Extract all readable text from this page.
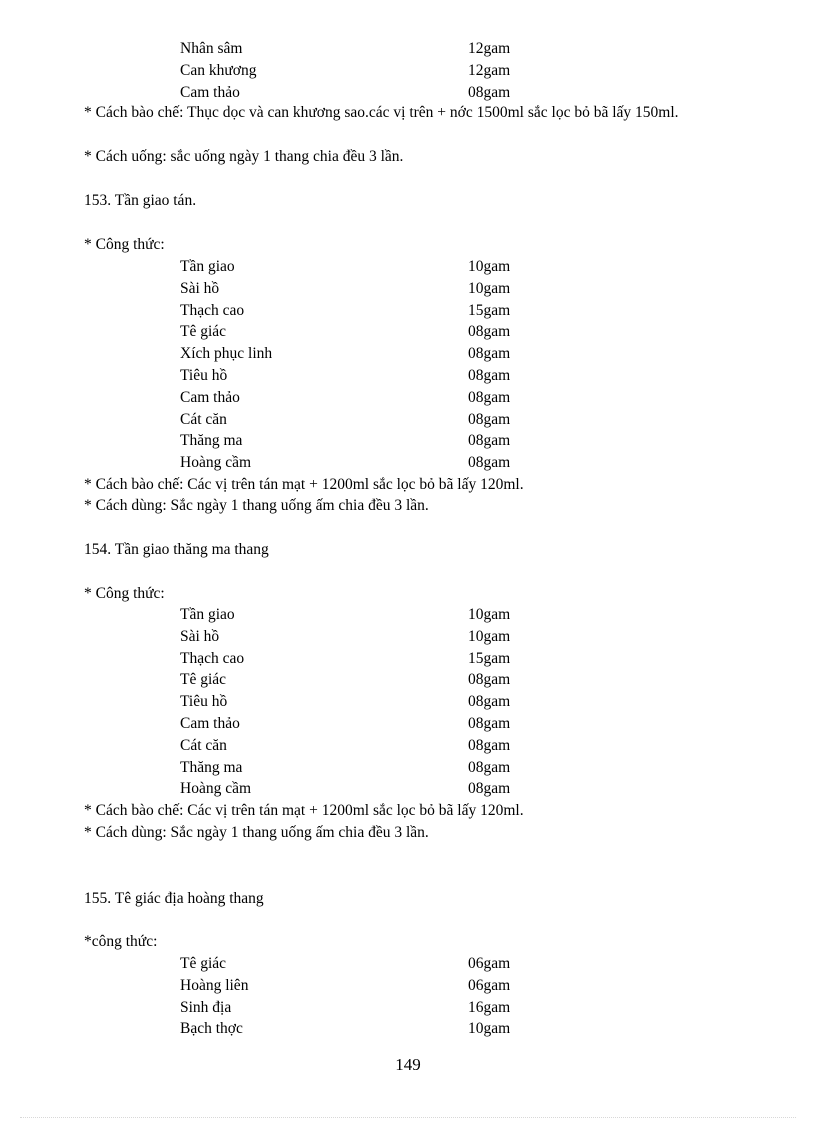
Nhân sâm	12gam
Can khương	12gam
Cam thảo	08gam
* Cách bào chế: Thục dọc và can khương sao.các vị trên + nớc 1500ml sắc lọc bỏ bã lấy 150ml.
* Cách uống: sắc uống ngày 1 thang chia đều 3 lần.
153. Tần giao tán.
* Công thức:
Tần giao	10gam
Sài hồ	10gam
Thạch cao	15gam
Tê giác	08gam
Xích phục linh	08gam
Tiêu hồ	08gam
Cam thảo	08gam
Cát căn	08gam
Thăng ma	08gam
Hoàng cầm	08gam
* Cách bào chế: Các vị trên tán mạt + 1200ml sắc lọc bỏ bã lấy 120ml.
* Cách dùng: Sắc ngày 1 thang uống ấm chia đều 3 lần.
154. Tần giao thăng ma thang
* Công thức:
Tần giao	10gam
Sài hồ	10gam
Thạch cao	15gam
Tê giác	08gam
Tiêu hồ	08gam
Cam thảo	08gam
Cát căn	08gam
Thăng ma	08gam
Hoàng cầm	08gam
* Cách bào chế: Các vị trên tán mạt + 1200ml sắc lọc bỏ bã lấy 120ml.
* Cách dùng: Sắc ngày 1 thang uống ấm chia đều 3 lần.
155. Tê giác địa hoàng thang
*công thức:
Tê giác	06gam
Hoàng liên	06gam
Sinh địa	16gam
Bạch thợc	10gam
149
